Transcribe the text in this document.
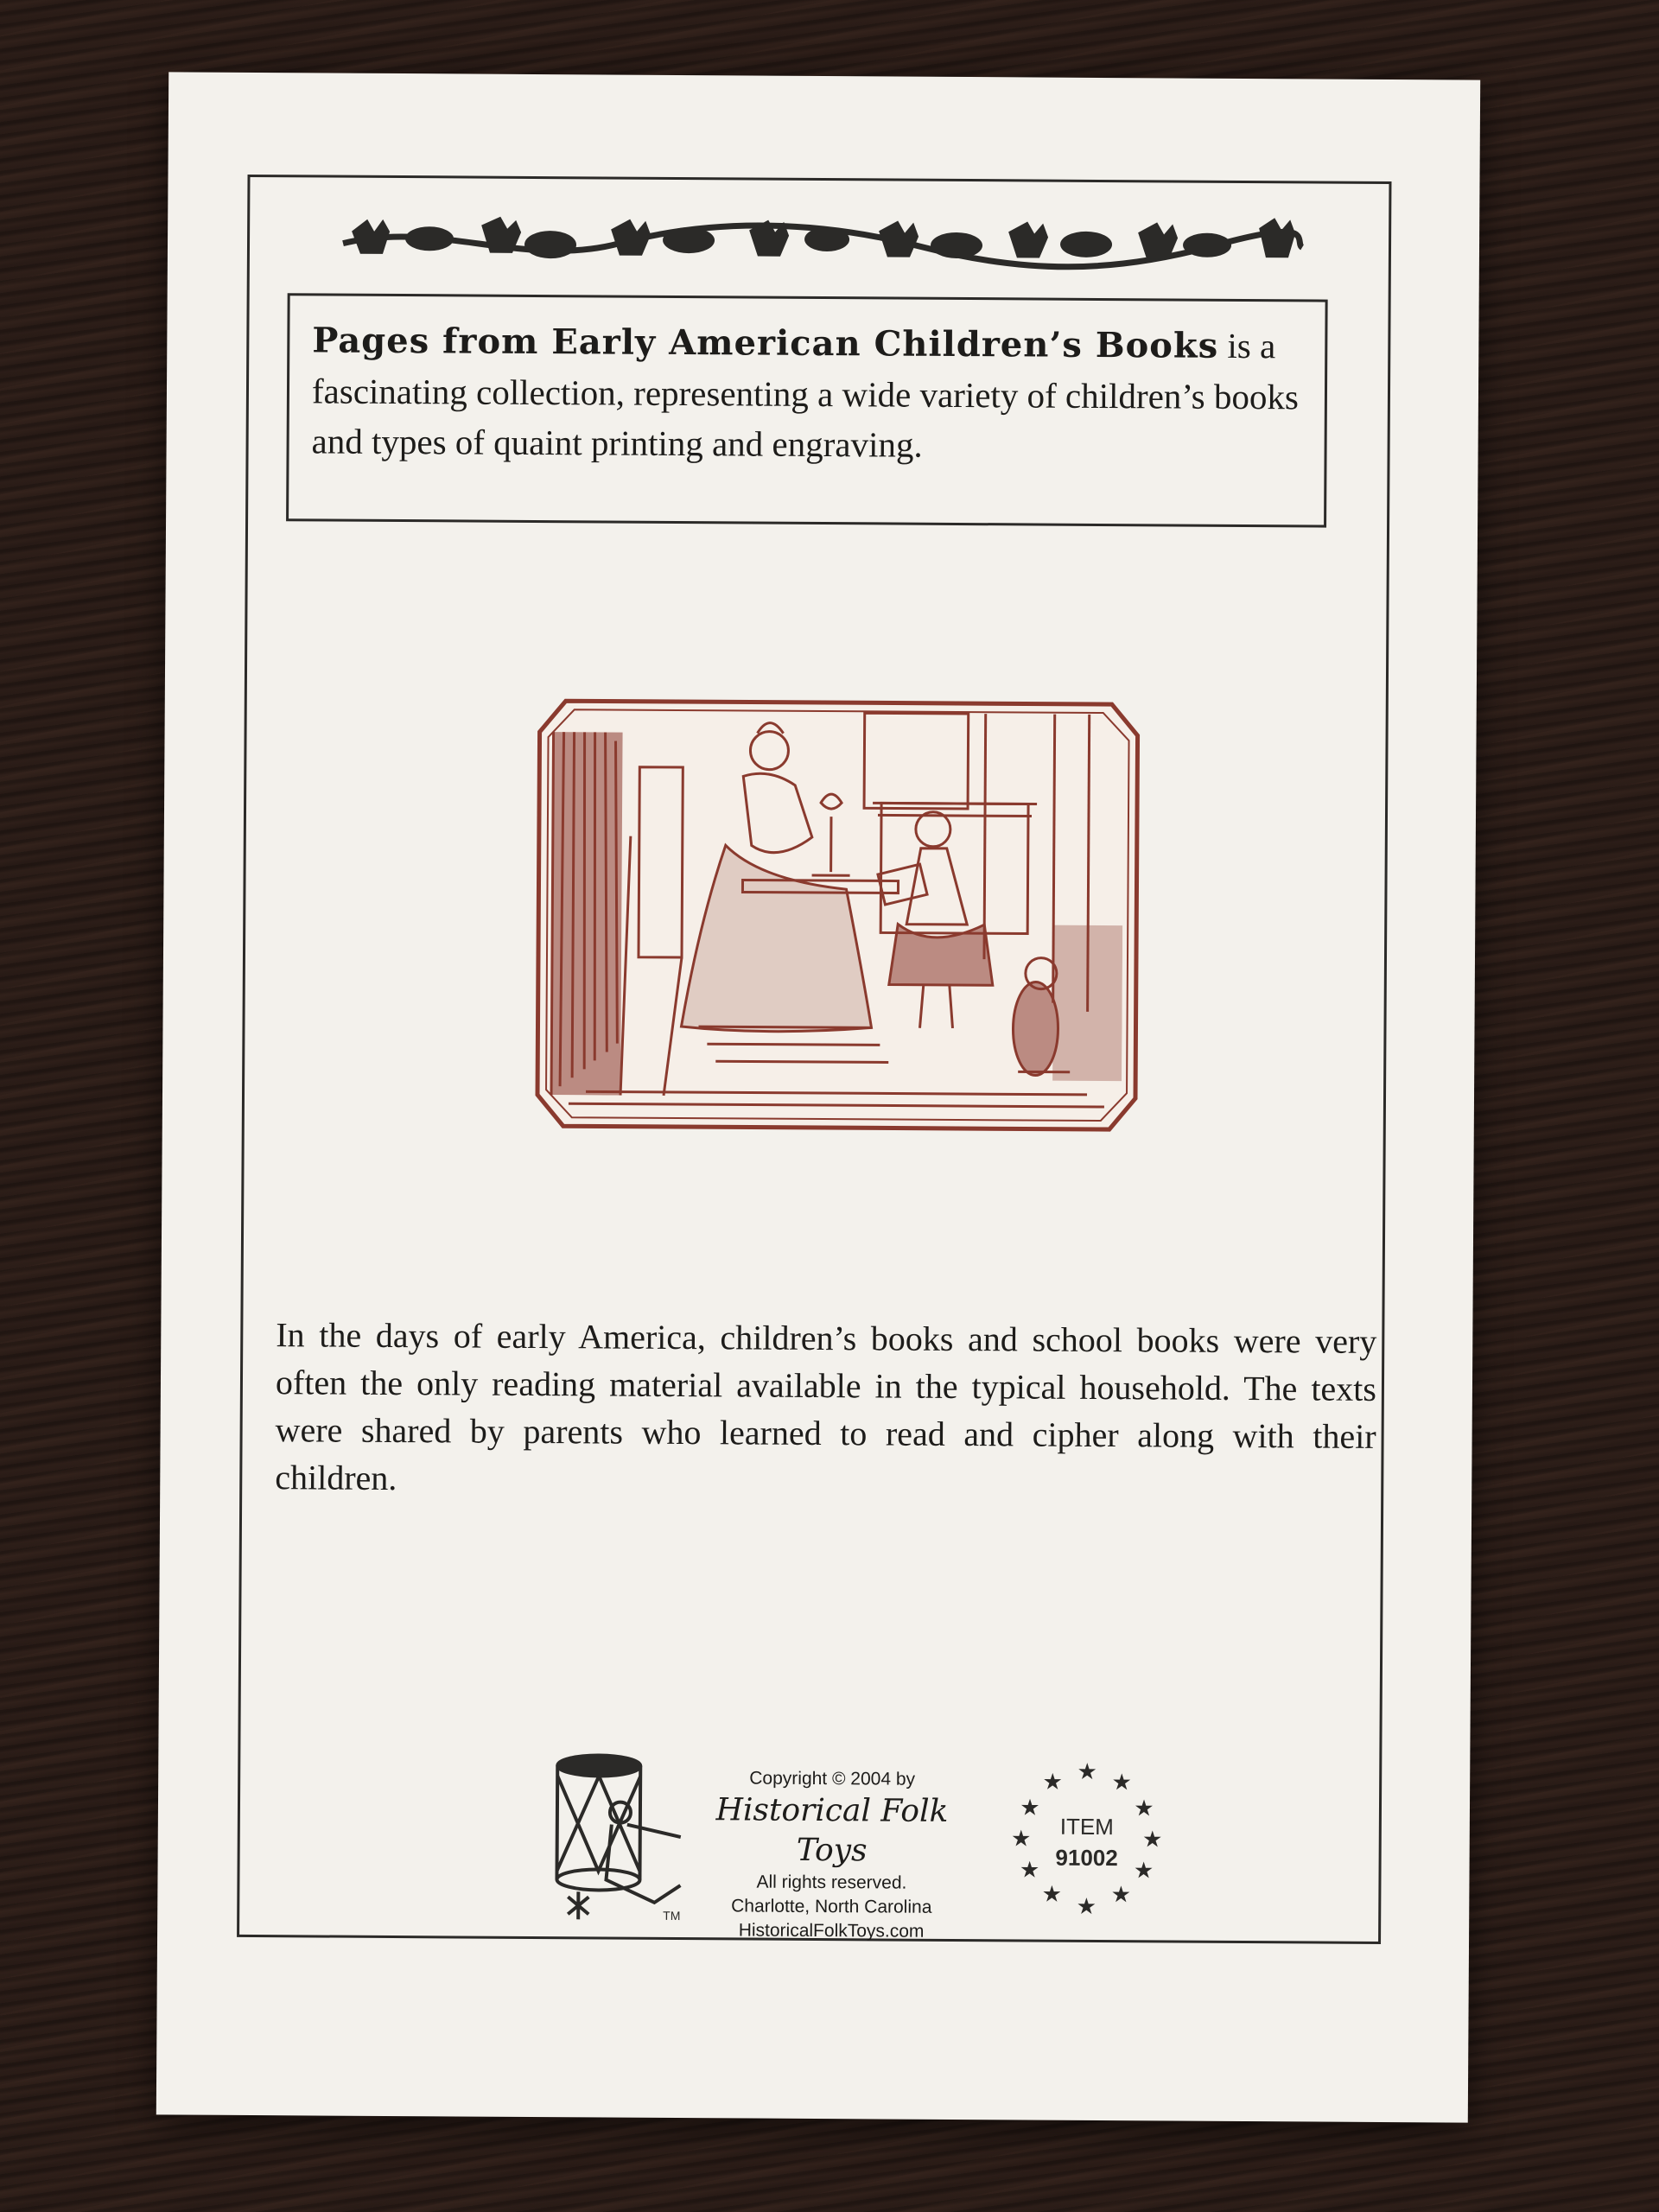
Pages from Early American Children’s Books is a fascinating collection, representing a wide variety of children’s books and types of quaint printing and engraving.
In the days of early America, children’s books and school books were very often the only reading material available in the typical household. The texts were shared by parents who learned to read and cipher along with their children.
TM
Copyright © 2004 by
Historical Folk Toys
All rights reserved.
Charlotte, North Carolina
HistoricalFolkToys.com
★ ★
★
★
★
★
★
★
★
★
★
★
ITEM
91002
